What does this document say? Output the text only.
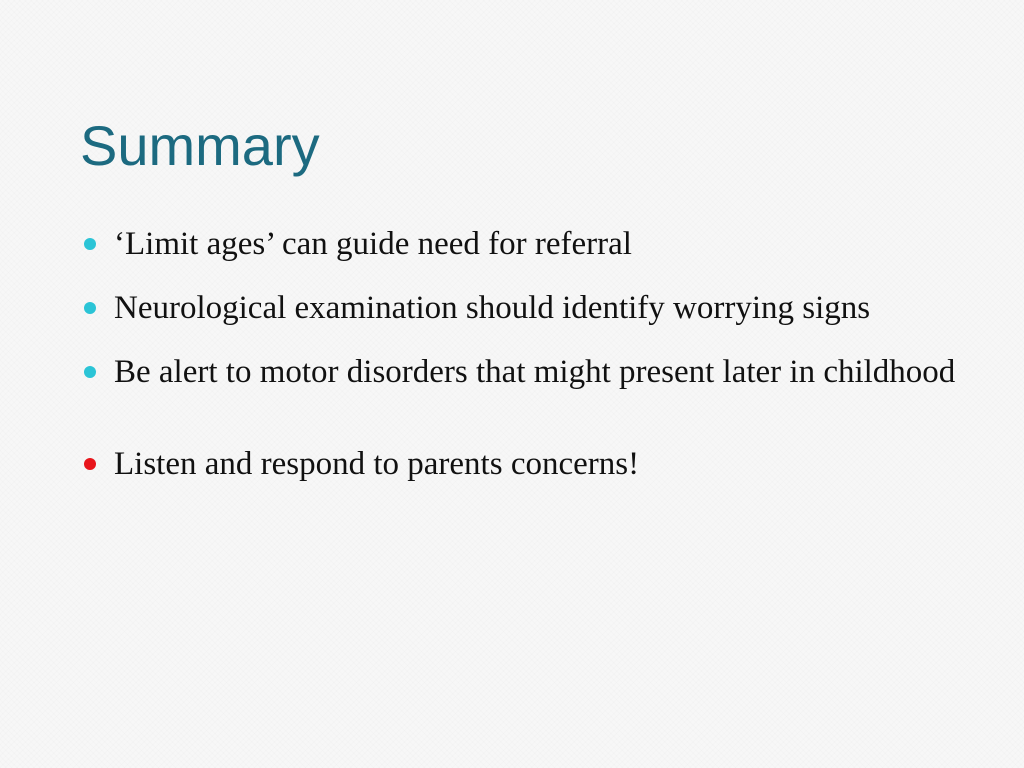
Summary
‘Limit ages’ can guide need for referral
Neurological examination should identify worrying signs
Be alert to motor disorders that might present later in childhood
Listen and respond to parents concerns!
